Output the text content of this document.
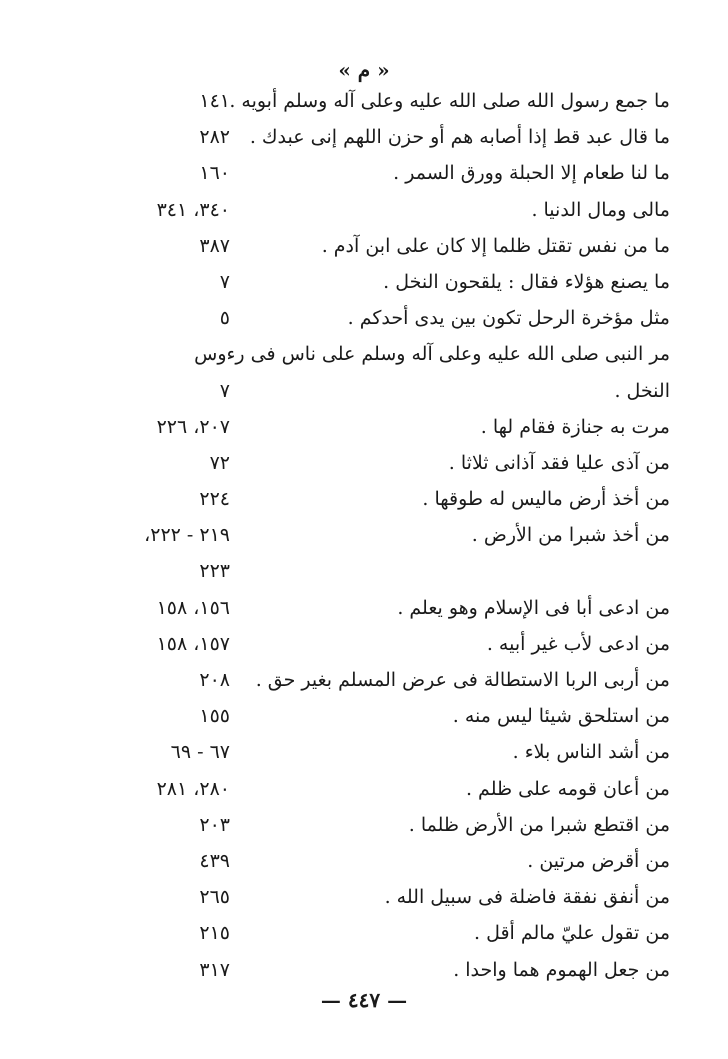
« م »
ما جمع رسول الله صلى الله عليه وعلى آله وسلم أبويه .
١٤١
ما قال عبد قط إذا أصابه هم أو حزن اللهم إنى عبدك .
٢٨٢
ما لنا طعام إلا الحبلة وورق السمر .
١٦٠
مالى ومال الدنيا .
٣٤٠، ٣٤١
ما من نفس تقتل ظلما إلا كان على ابن آدم .
٣٨٧
ما يصنع هؤلاء فقال : يلقحون النخل .
٧
مثل مؤخرة الرحل تكون بين يدى أحدكم .
٥
مر النبى صلى الله عليه وعلى آله وسلم على ناس فى رءوس
النخل .
٧
مرت به جنازة فقام لها .
٢٠٧، ٢٢٦
من آذى عليا فقد آذانى ثلاثا .
٧٢
من أخذ أرض ماليس له طوقها .
٢٢٤
من أخذ شبرا من الأرض .
٢١٩ - ٢٢٢،
٢٢٣
من ادعى أبا فى الإسلام وهو يعلم .
١٥٦، ١٥٨
من ادعى لأب غير أبيه .
١٥٧، ١٥٨
من أربى الربا الاستطالة فى عرض المسلم بغير حق .
٢٠٨
من استلحق شيئا ليس منه .
١٥٥
من أشد الناس بلاء .
٦٧ - ٦٩
من أعان قومه على ظلم .
٢٨٠، ٢٨١
من اقتطع شبرا من الأرض ظلما .
٢٠٣
من أقرض مرتين .
٤٣٩
من أنفق نفقة فاضلة فى سبيل الله .
٢٦٥
من تقول عليّ مالم أقل .
٢١٥
من جعل الهموم هما واحدا .
٣١٧
— ٤٤٧ —
